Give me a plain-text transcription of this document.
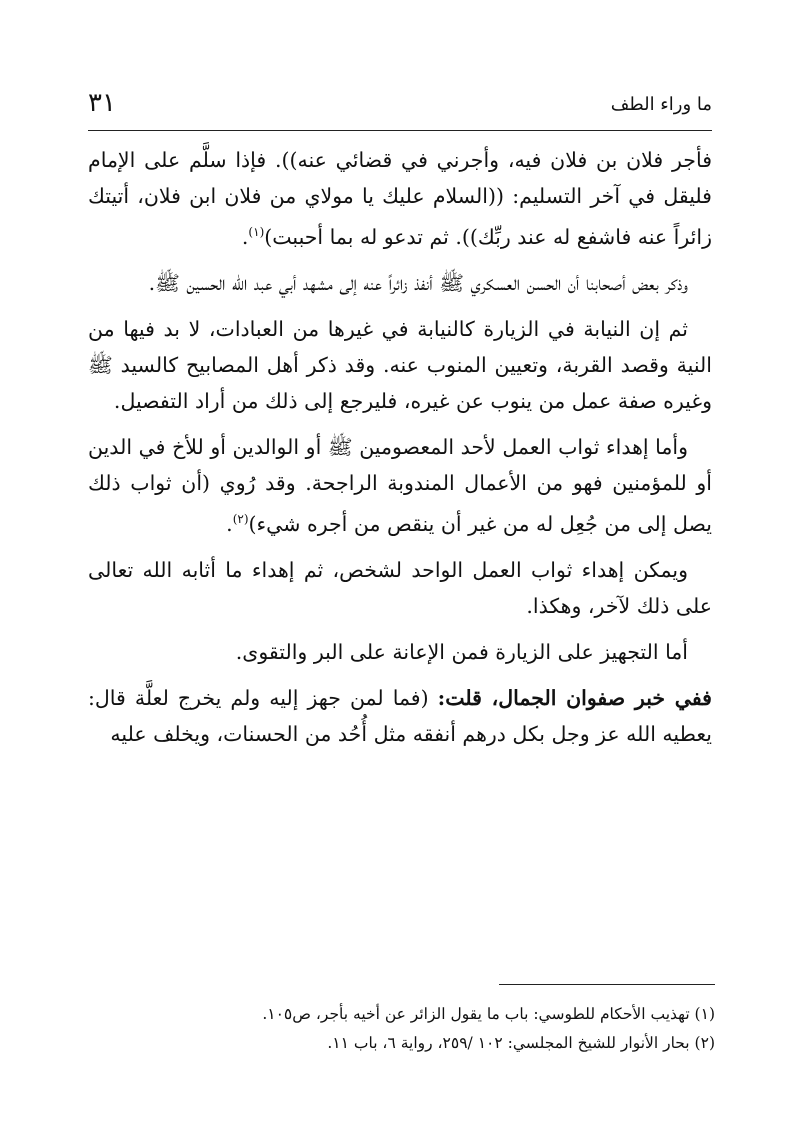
ما وراء الطف
٣١

فأجر فلان بن فلان فيه، وأجرني في قضائي عنه)). فإذا سلَّم على الإمام فليقل في آخر التسليم: ((السلام عليك يا مولاي من فلان ابن فلان، أتيتك زائراً عنه فاشفع له عند ربِّك)). ثم تدعو له بما أحببت)$^{(١)}$.

وذكر بعض أصحابنا أن الحسن العسكري ﷺ أنفذ زائراً عنه إلى مشهد أبي عبد الله الحسين ﷺ.

ثم إن النيابة في الزيارة كالنيابة في غيرها من العبادات، لا بد فيها من النية وقصد القربة، وتعيين المنوب عنه. وقد ذكر أهل المصابيح كالسيد ﷺ وغيره صفة عمل من ينوب عن غيره، فليرجع إلى ذلك من أراد التفصيل.

وأما إهداء ثواب العمل لأحد المعصومين ﷺ أو الوالدين أو للأخ في الدين أو للمؤمنين فهو من الأعمال المندوبة الراجحة. وقد رُوي (أن ثواب ذلك يصل إلى من جُعِل له من غير أن ينقص من أجره شيء)$^{(٢)}$.

ويمكن إهداء ثواب العمل الواحد لشخص، ثم إهداء ما أثابه الله تعالى على ذلك لآخر، وهكذا.

أما التجهيز على الزيارة فمن الإعانة على البر والتقوى.

ففي خبر صفوان الجمال، قلت: (فما لمن جهز إليه ولم يخرج لعلَّة قال: يعطيه الله عز وجل بكل درهم أنفقه مثل أُحُد من الحسنات، ويخلف عليه

(١) تهذيب الأحكام للطوسي: باب ما يقول الزائر عن أخيه بأجر، ص١٠٥.
(٢) بحار الأنوار للشيخ المجلسي: ١٠٢ /٢٥٩، رواية ٦، باب ١١.
